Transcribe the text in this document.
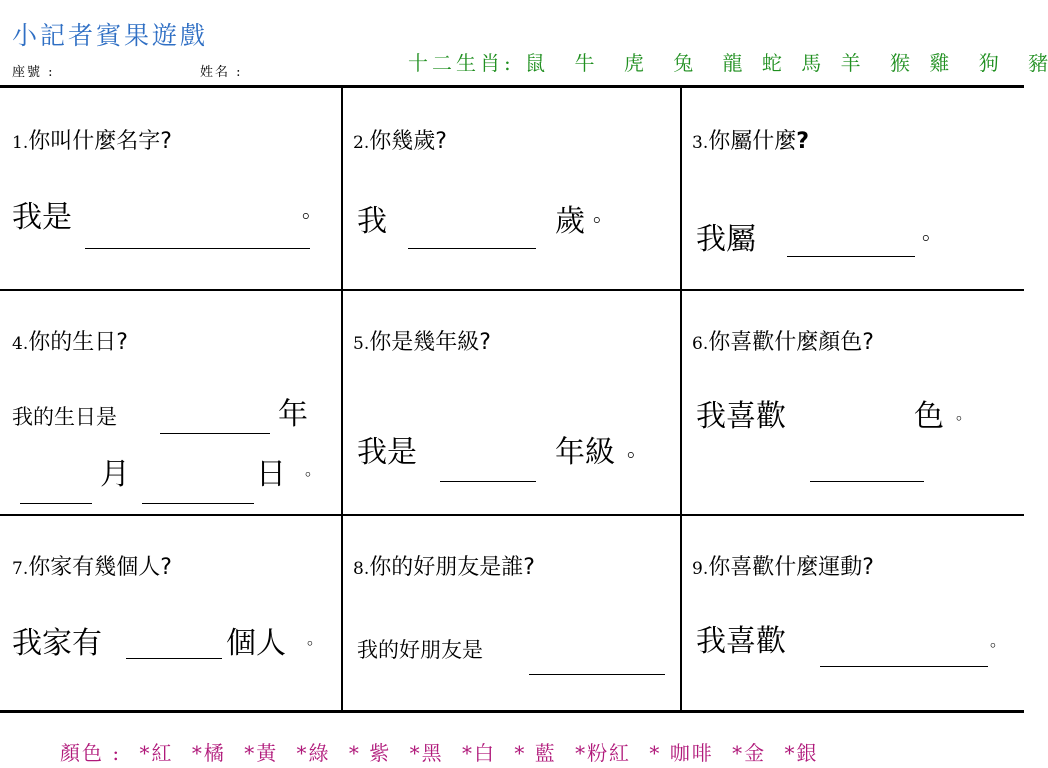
小記者賓果遊戲
座號 :	姓名 :	十二生肖: 鼠 牛 虎 兔 龍 蛇 馬 羊 猴 雞 狗 豬
1.你叫什麼名字?
我是	。
2.你幾歲?
我	歲 。
3.你屬什麼?
我屬	。
4.你的生日?
我的生日是	年
月	日 。
5.你是幾年級?
我是	年級 。
6.你喜歡什麼顏色?
我喜歡	色 。
7.你家有幾個人?
我家有	個人 。
8.你的好朋友是誰?
我的好朋友是
9.你喜歡什麼運動?
我喜歡	。
顏色 : *紅 *橘 *黃 *綠 * 紫 *黑 *白 * 藍 *粉紅 * 咖啡 *金 *銀
